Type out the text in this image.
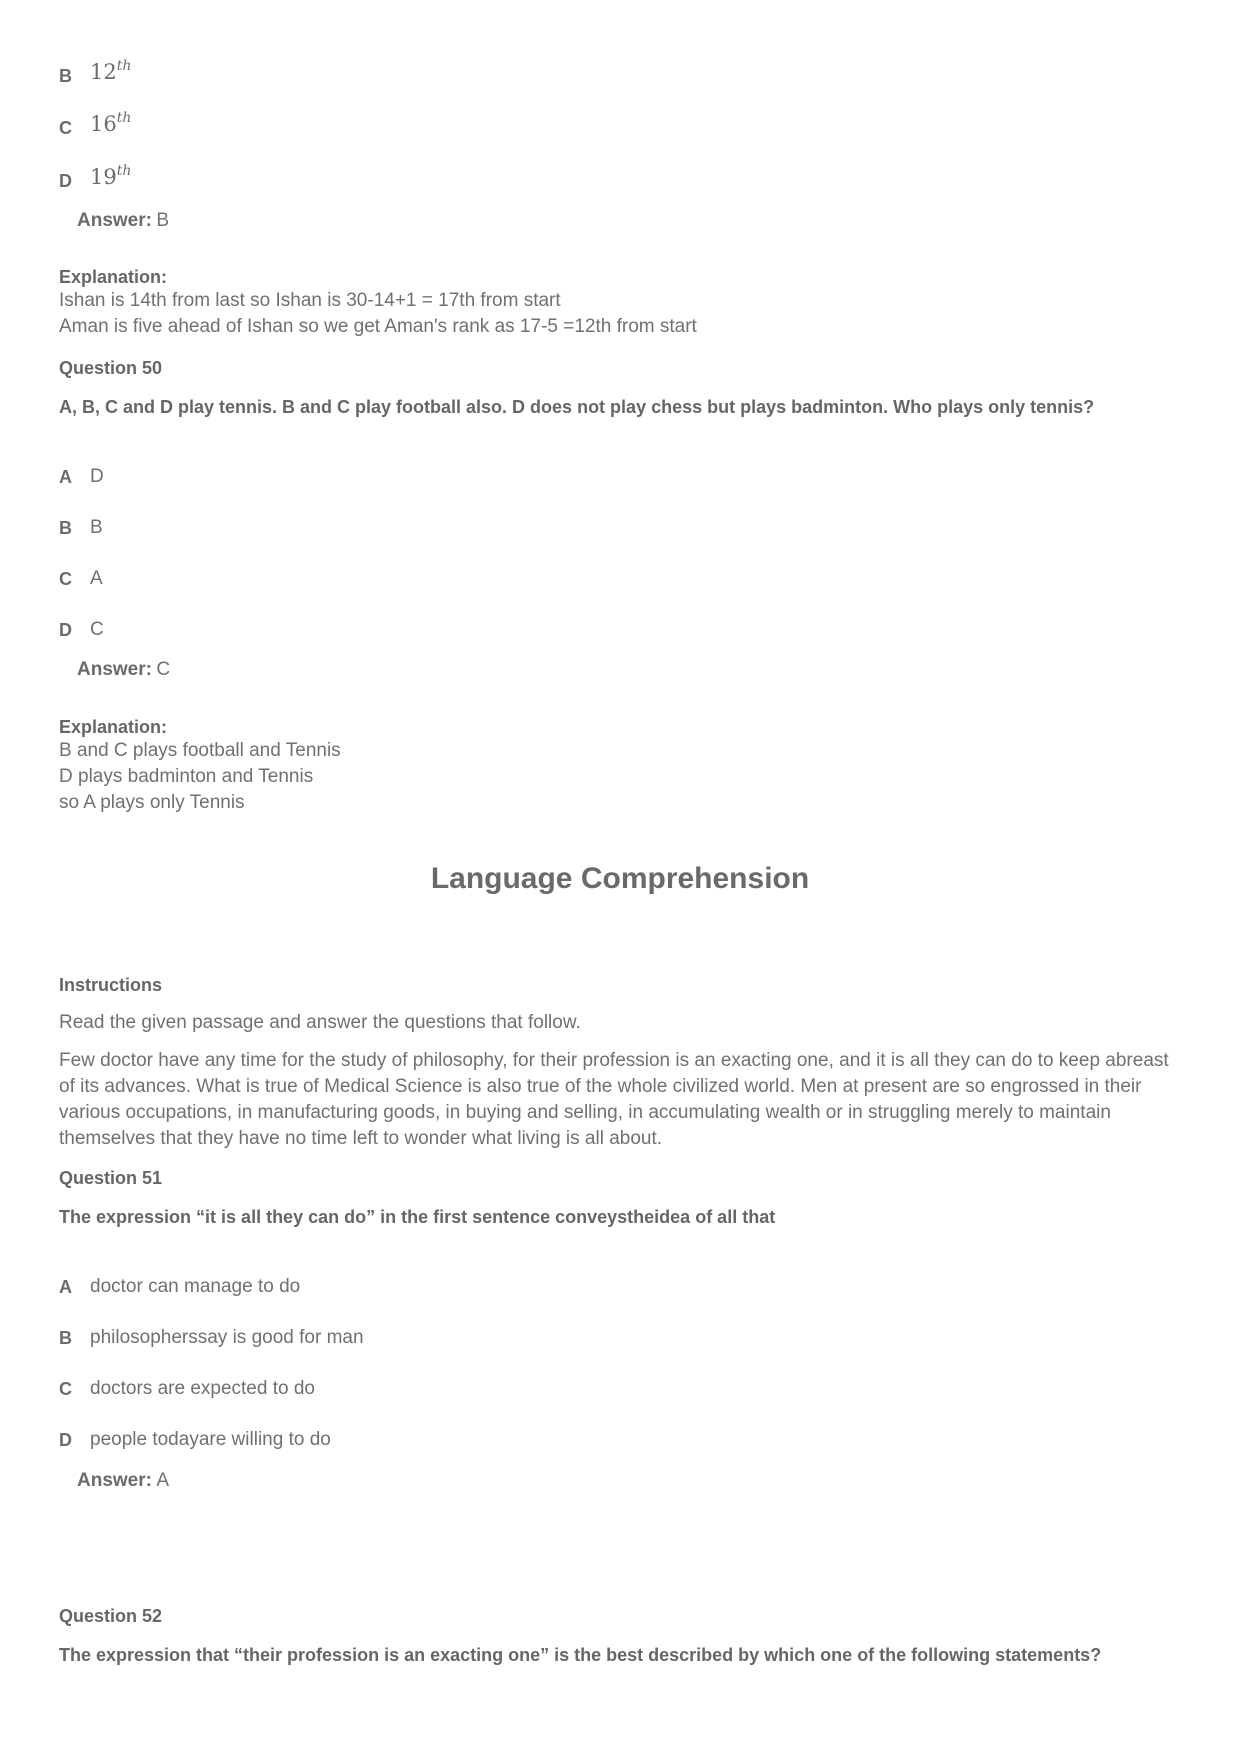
B 12th
C 16th
D 19th
Answer: B
Explanation:
Ishan is 14th from last so Ishan is 30-14+1 = 17th from start
Aman is five ahead of Ishan so we get Aman's rank as 17-5 =12th from start
Question 50
A, B, C and D play tennis. B and C play football also. D does not play chess but plays badminton. Who plays only tennis?
A D
B B
C A
D C
Answer: C
Explanation:
B and C plays football and Tennis
D plays badminton and Tennis
so A plays only Tennis
Language Comprehension
Instructions
Read the given passage and answer the questions that follow.
Few doctor have any time for the study of philosophy, for their profession is an exacting one, and it is all they can do to keep abreast of its advances. What is true of Medical Science is also true of the whole civilized world. Men at present are so engrossed in their various occupations, in manufacturing goods, in buying and selling, in accumulating wealth or in struggling merely to maintain themselves that they have no time left to wonder what living is all about.
Question 51
The expression “it is all they can do” in the first sentence conveystheidea of all that
A doctor can manage to do
B philosopherssay is good for man
C doctors are expected to do
D people todayare willing to do
Answer: A
Question 52
The expression that “their profession is an exacting one” is the best described by which one of the following statements?
